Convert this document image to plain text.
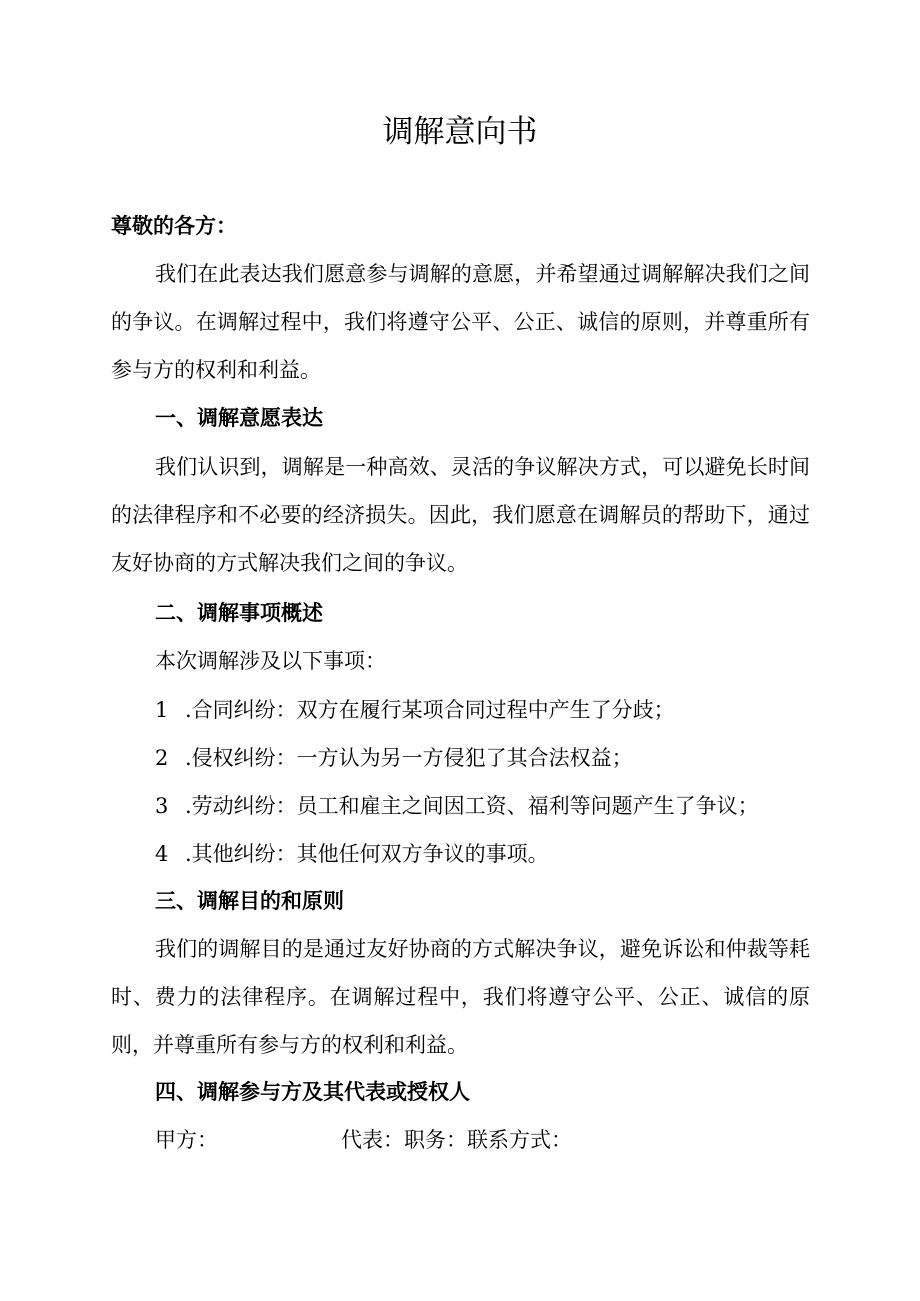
调解意向书

尊敬的各方：

我们在此表达我们愿意参与调解的意愿，并希望通过调解解决我们之间的争议。在调解过程中，我们将遵守公平、公正、诚信的原则，并尊重所有参与方的权利和利益。

一、调解意愿表达

我们认识到，调解是一种高效、灵活的争议解决方式，可以避免长时间的法律程序和不必要的经济损失。因此，我们愿意在调解员的帮助下，通过友好协商的方式解决我们之间的争议。

二、调解事项概述

本次调解涉及以下事项：

1 .合同纠纷：双方在履行某项合同过程中产生了分歧；

2 .侵权纠纷：一方认为另一方侵犯了其合法权益；

3 .劳动纠纷：员工和雇主之间因工资、福利等问题产生了争议；

4 .其他纠纷：其他任何双方争议的事项。

三、调解目的和原则

我们的调解目的是通过友好协商的方式解决争议，避免诉讼和仲裁等耗时、费力的法律程序。在调解过程中，我们将遵守公平、公正、诚信的原则，并尊重所有参与方的权利和利益。

四、调解参与方及其代表或授权人

甲方：	代表：职务：联系方式：
